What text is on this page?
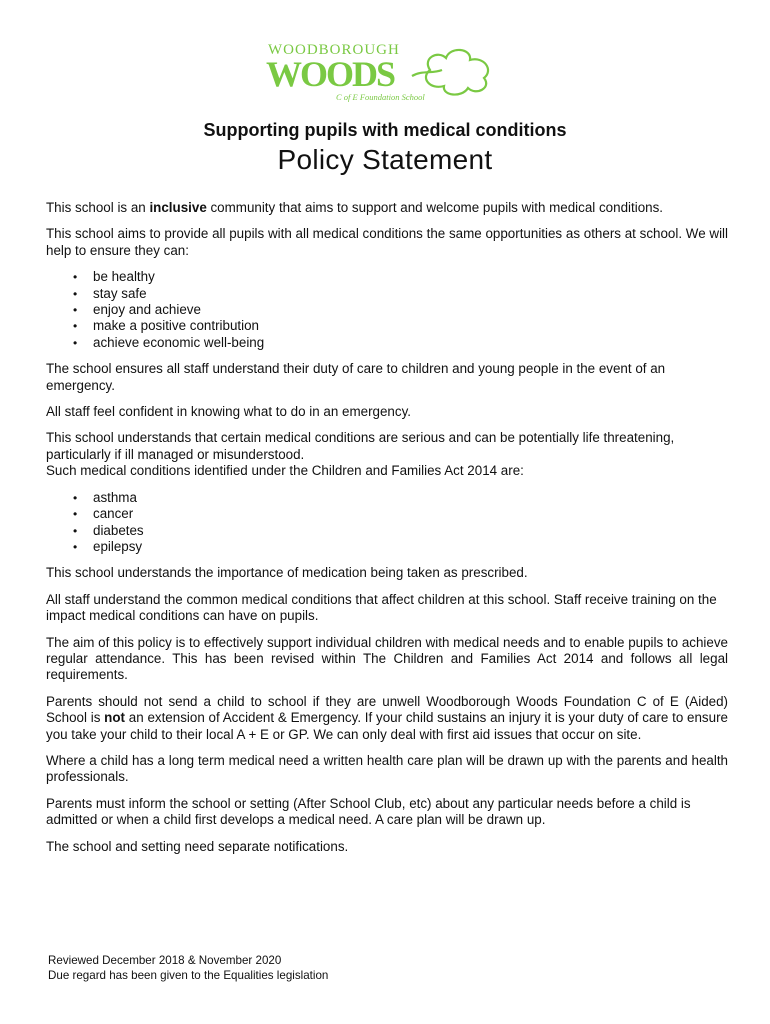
WOODBOROUGH
WOODS
C of E Foundation School
Supporting pupils with medical conditions
Policy Statement

This school is an inclusive community that aims to support and welcome pupils with medical conditions.

This school aims to provide all pupils with all medical conditions the same opportunities as others at school. We will help to ensure they can:

• be healthy
• stay safe
• enjoy and achieve
• make a positive contribution
• achieve economic well-being

The school ensures all staff understand their duty of care to children and young people in the event of an emergency.

All staff feel confident in knowing what to do in an emergency.

This school understands that certain medical conditions are serious and can be potentially life threatening, particularly if ill managed or misunderstood.
Such medical conditions identified under the Children and Families Act 2014 are:

• asthma
• cancer
• diabetes
• epilepsy

This school understands the importance of medication being taken as prescribed.

All staff understand the common medical conditions that affect children at this school. Staff receive training on the impact medical conditions can have on pupils.

The aim of this policy is to effectively support individual children with medical needs and to enable pupils to achieve regular attendance. This has been revised within The Children and Families Act 2014 and follows all legal requirements.

Parents should not send a child to school if they are unwell Woodborough Woods Foundation C of E (Aided) School is not an extension of Accident & Emergency. If your child sustains an injury it is your duty of care to ensure you take your child to their local A + E or GP. We can only deal with first aid issues that occur on site.

Where a child has a long term medical need a written health care plan will be drawn up with the parents and health professionals.

Parents must inform the school or setting (After School Club, etc) about any particular needs before a child is admitted or when a child first develops a medical need. A care plan will be drawn up.

The school and setting need separate notifications.

Reviewed December 2018 & November 2020
Due regard has been given to the Equalities legislation
